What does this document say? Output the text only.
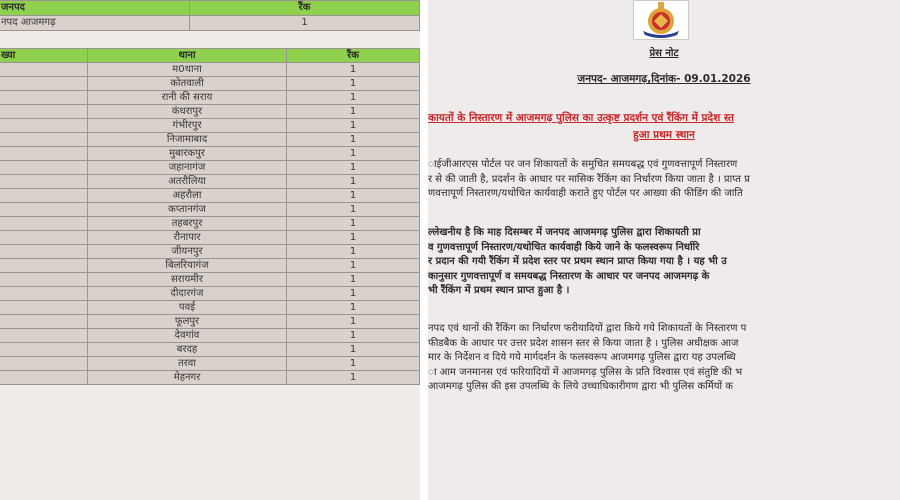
जनपद	रैंक
नपद आजमगढ़	1
ख्या	थाना	रैंक
	म0थाना	1
	कोतवाली	1
	रानी की सराय	1
	कंधरापुर	1
	गंभीरपुर	1
	निजामाबाद	1
	मुबारकपुर	1
	जहानागंज	1
	अतरौलिया	1
	अहरौला	1
	कप्तानगंज	1
	तहबरपुर	1
	रौनापार	1
	जीयनपुर	1
	बिलरियागंज	1
	सरायमीर	1
	दीदारगंज	1
	पवई	1
	फूलपुर	1
	देवगांव	1
	बरदह	1
	तरवा	1
	मेहनगर	1
प्रेस नोट
जनपद- आजमगढ़,दिनांक- 09.01.2026
कायतों के निस्तारण में आजमगढ़ पुलिस का उत्कृष्ट प्रदर्शन एवं रैंकिंग में प्रदेश स्त
हुआ प्रथम स्थान
ाईजीआरएस पोर्टल पर जन शिकायतों के समुचित समयबद्ध एवं गुणवत्तापूर्ण निस्तारण
र से की जाती है, प्रदर्शन के आधार पर मासिक रैंकिंग का निर्धारण किया जाता है । प्राप्त प्र
णवत्तापूर्ण निस्तारण/यथोचित कार्यवाही कराते हुए पोर्टल पर आख्या की फीडिंग की जाति
ल्लेखनीय है कि माह दिसम्बर में जनपद आजमगढ़ पुलिस द्वारा शिकायती प्रा
व गुणवत्तापूर्ण निस्तारण/यथोचित कार्यवाही किये जाने के फलस्वरूप निर्धारि
र प्रदान की गयी रैंकिंग में प्रदेश स्तर पर प्रथम स्थान प्राप्त किया गया है । यह भी उ
कानुसार गुणवत्तापूर्ण व समयबद्ध निस्तारण के आधार पर जनपद आजमगढ़ के
भी रैंकिंग में प्रथम स्थान प्राप्त हुआ है ।
नपद एवं थानों की रैंकिंग का निर्धारण फरीयादियों द्वारा किये गये शिकायतों के निस्तारण प
फीडबैक के आधार पर उत्तर प्रदेश शासन स्तर से किया जाता है । पुलिस अधीक्षक आज
मार के निर्देशन व दिये गये मार्गदर्शन के फलस्वरूप आजमगढ़ पुलिस द्वारा यह उपलब्धि
ा आम जनमानस एवं फरियादियों में आजमगढ़ पुलिस के प्रति विश्वास एवं संतुष्टि की भ
आजमगढ़ पुलिस की इस उपलब्धि के लिये उच्चाधिकारीगण द्वारा भी पुलिस कर्मियों क
